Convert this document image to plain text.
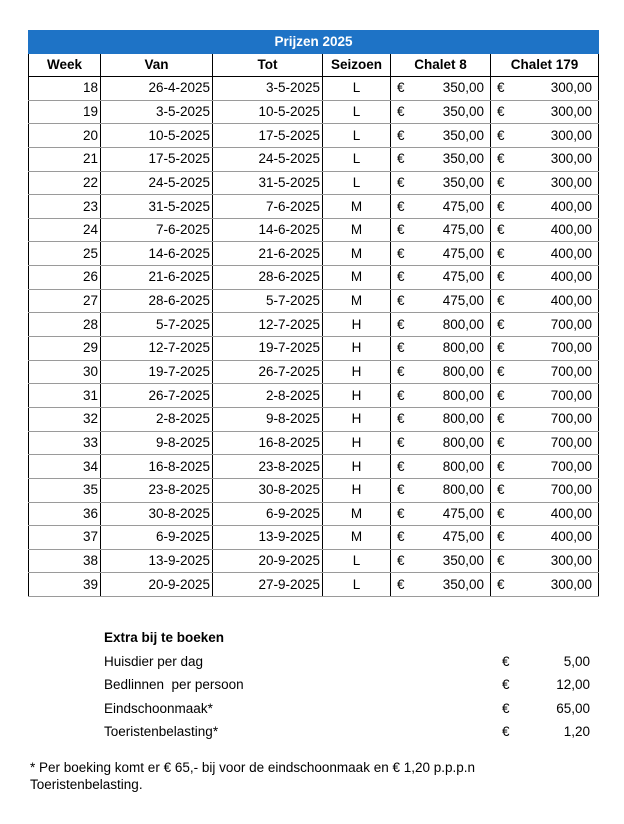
Prijzen 2025							
Week	Van	Tot	Seizoen	Chalet 8		Chalet 179	
18	26-4-2025	3-5-2025	L	€	350,00	€	300,00
19	3-5-2025	10-5-2025	L	€	350,00	€	300,00
20	10-5-2025	17-5-2025	L	€	350,00	€	300,00
21	17-5-2025	24-5-2025	L	€	350,00	€	300,00
22	24-5-2025	31-5-2025	L	€	350,00	€	300,00
23	31-5-2025	7-6-2025	M	€	475,00	€	400,00
24	7-6-2025	14-6-2025	M	€	475,00	€	400,00
25	14-6-2025	21-6-2025	M	€	475,00	€	400,00
26	21-6-2025	28-6-2025	M	€	475,00	€	400,00
27	28-6-2025	5-7-2025	M	€	475,00	€	400,00
28	5-7-2025	12-7-2025	H	€	800,00	€	700,00
29	12-7-2025	19-7-2025	H	€	800,00	€	700,00
30	19-7-2025	26-7-2025	H	€	800,00	€	700,00
31	26-7-2025	2-8-2025	H	€	800,00	€	700,00
32	2-8-2025	9-8-2025	H	€	800,00	€	700,00
33	9-8-2025	16-8-2025	H	€	800,00	€	700,00
34	16-8-2025	23-8-2025	H	€	800,00	€	700,00
35	23-8-2025	30-8-2025	H	€	800,00	€	700,00
36	30-8-2025	6-9-2025	M	€	475,00	€	400,00
37	6-9-2025	13-9-2025	M	€	475,00	€	400,00
38	13-9-2025	20-9-2025	L	€	350,00	€	300,00
39	20-9-2025	27-9-2025	L	€	350,00	€	300,00
Extra bij te boeken
Huisdier per dag	€	5,00
Bedlinnen  per persoon	€	12,00
Eindschoonmaak*	€	65,00
Toeristenbelasting*	€	1,20
* Per boeking komt er € 65,- bij voor de eindschoonmaak en € 1,20 p.p.p.n Toeristenbelasting.
